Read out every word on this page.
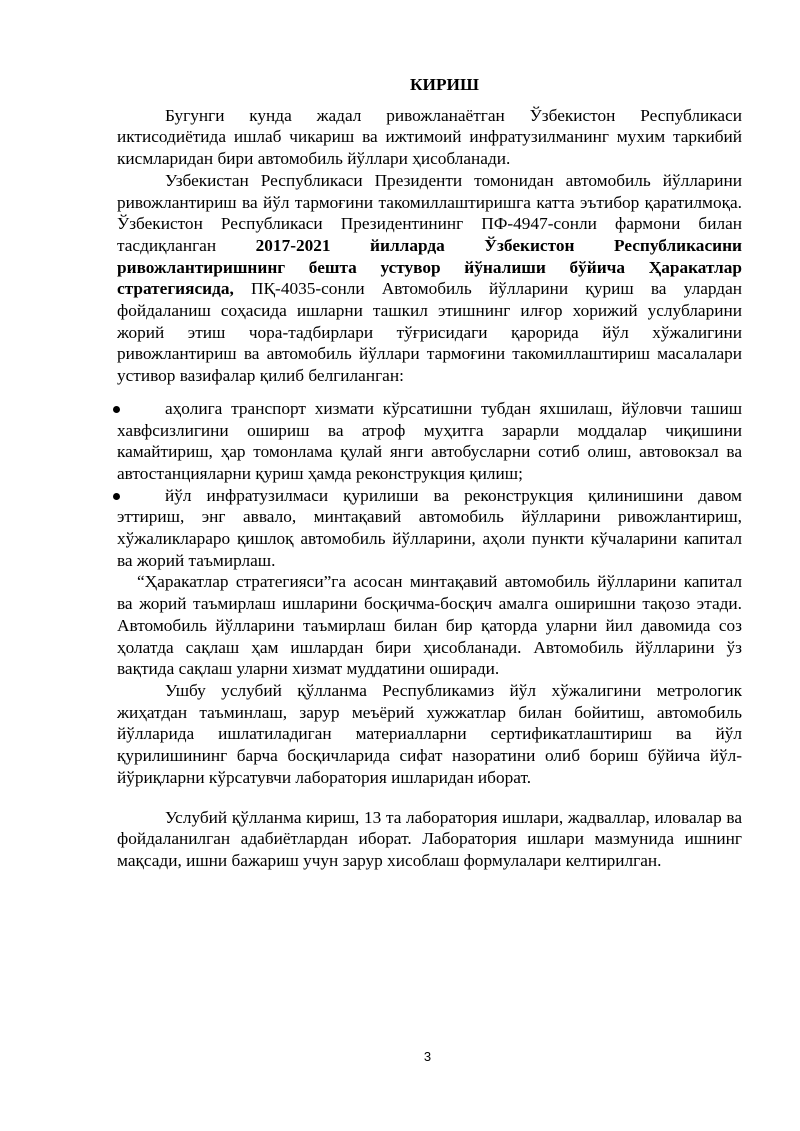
КИРИШ

Бугунги кунда жадал ривожланаётган Ўзбекистон Республикаси иктисодиётида ишлаб чикариш ва ижтимоий инфратузилманинг мухим таркибий кисмларидан бири автомобиль йўллари ҳисобланади.

Узбекистан Республикаси Президенти томонидан автомобиль йўлларини ривожлантириш ва йўл тармоғини такомиллаштиришга катта эътибор қаратилмоқа. Ўзбекистон Республикаси Президентининг ПФ-4947-сонли фармони билан тасдиқланган 2017-2021 йилларда Ўзбекистон Республикасини ривожлантиришнинг бешта устувор йўналиши бўйича Ҳаракатлар стратегиясида, ПҚ-4035-сонли Автомобиль йўлларини қуриш ва улардан фойдаланиш соҳасида ишларни ташкил этишнинг илғор хорижий услубларини жорий этиш чора-тадбирлари тўғрисидаги қарорида йўл хўжалигини ривожлантириш ва автомобиль йўллари тармоғини такомиллаштириш масалалари устивор вазифалар қилиб белгиланган:

аҳолига транспорт хизмати кўрсатишни тубдан яхшилаш, йўловчи ташиш хавфсизлигини ошириш ва атроф муҳитга зарарли моддалар чиқишини камайтириш, ҳар томонлама қулай янги автобусларни сотиб олиш, автовокзал ва автостанцияларни қуриш ҳамда реконструкция қилиш;
йўл инфратузилмаси қурилиши ва реконструкция қилинишини давом эттириш, энг аввало, минтақавий автомобиль йўлларини ривожлантириш, хўжаликлараро қишлоқ автомобиль йўлларини, аҳоли пункти кўчаларини капитал ва жорий таъмирлаш.

“Ҳаракатлар стратегияси”га асосан минтақавий автомобиль йўлларини капитал ва жорий таъмирлаш ишларини босқичма-босқич амалга оширишни тақозо этади. Автомобиль йўлларини таъмирлаш билан бир қаторда уларни йил давомида соз ҳолатда сақлаш ҳам ишлардан бири ҳисобланади. Автомобиль йўлларини ўз вақтида сақлаш уларни хизмат муддатини оширади.

Ушбу услубий қўлланма Республикамиз йўл хўжалигини метрологик жиҳатдан таъминлаш, зарур меъёрий хужжатлар билан бойитиш, автомобиль йўлларида ишлатиладиган материалларни сертификатлаштириш ва йўл қурилишининг барча босқичларида сифат назоратини олиб бориш бўйича йўл-йўриқларни кўрсатувчи лаборатория ишларидан иборат.

Услубий қўлланма кириш, 13 та лаборатория ишлари, жадваллар, иловалар ва фойдаланилган адабиётлардан иборат. Лаборатория ишлари мазмунида ишнинг мақсади, ишни бажариш учун зарур хисоблаш формулалари келтирилган.

3
